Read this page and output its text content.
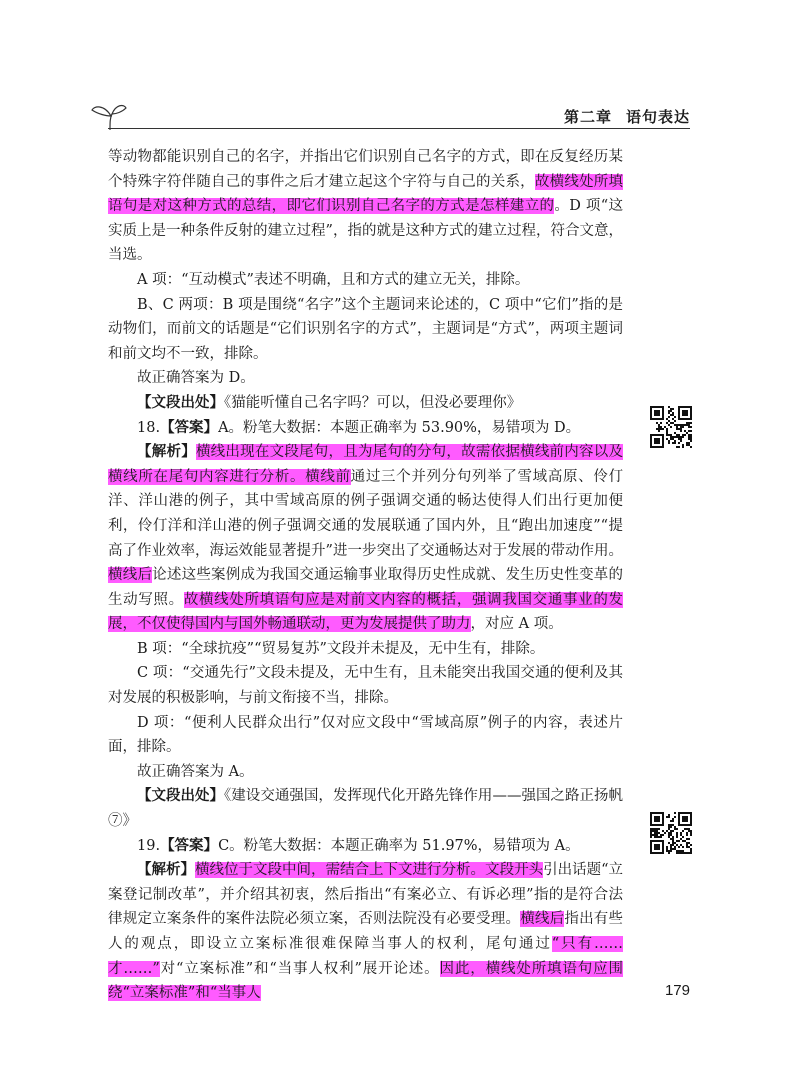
第二章 语句表达

等动物都能识别自己的名字，并指出它们识别自己名字的方式，即在反复经历某个特殊字符伴随自己的事件之后才建立起这个字符与自己的关系，故横线处所填语句是对这种方式的总结，即它们识别自己名字的方式是怎样建立的。D 项“这实质上是一种条件反射的建立过程”，指的就是这种方式的建立过程，符合文意，当选。

A 项：“互动模式”表述不明确，且和方式的建立无关，排除。

B、C 两项：B 项是围绕“名字”这个主题词来论述的，C 项中“它们”指的是动物们，而前文的话题是“它们识别名字的方式”，主题词是“方式”，两项主题词和前文均不一致，排除。

故正确答案为 D。

【文段出处】《猫能听懂自己名字吗？可以，但没必要理你》

18.【答案】A。粉笔大数据：本题正确率为 53.90%，易错项为 D。

【解析】横线出现在文段尾句，且为尾句的分句，故需依据横线前内容以及横线所在尾句内容进行分析。横线前通过三个并列分句列举了雪域高原、伶仃洋、洋山港的例子，其中雪域高原的例子强调交通的畅达使得人们出行更加便利，伶仃洋和洋山港的例子强调交通的发展联通了国内外，且“跑出加速度”“提高了作业效率，海运效能显著提升”进一步突出了交通畅达对于发展的带动作用。横线后论述这些案例成为我国交通运输事业取得历史性成就、发生历史性变革的生动写照。故横线处所填语句应是对前文内容的概括，强调我国交通事业的发展，不仅使得国内与国外畅通联动，更为发展提供了助力，对应 A 项。

B 项：“全球抗疫”“贸易复苏”文段并未提及，无中生有，排除。

C 项：“交通先行”文段未提及，无中生有，且未能突出我国交通的便利及其对发展的积极影响，与前文衔接不当，排除。

D 项：“便利人民群众出行”仅对应文段中“雪域高原”例子的内容，表述片面，排除。

故正确答案为 A。

【文段出处】《建设交通强国，发挥现代化开路先锋作用——强国之路正扬帆⑦》

19.【答案】C。粉笔大数据：本题正确率为 51.97%，易错项为 A。

【解析】横线位于文段中间，需结合上下文进行分析。文段开头引出话题“立案登记制改革”，并介绍其初衷，然后指出“有案必立、有诉必理”指的是符合法律规定立案条件的案件法院必须立案，否则法院没有必要受理。横线后指出有些人的观点，即设立立案标准很难保障当事人的权利，尾句通过“只有……才……”对“立案标准”和“当事人权利”展开论述。因此，横线处所填语句应围绕“立案标准”和“当事人	179
